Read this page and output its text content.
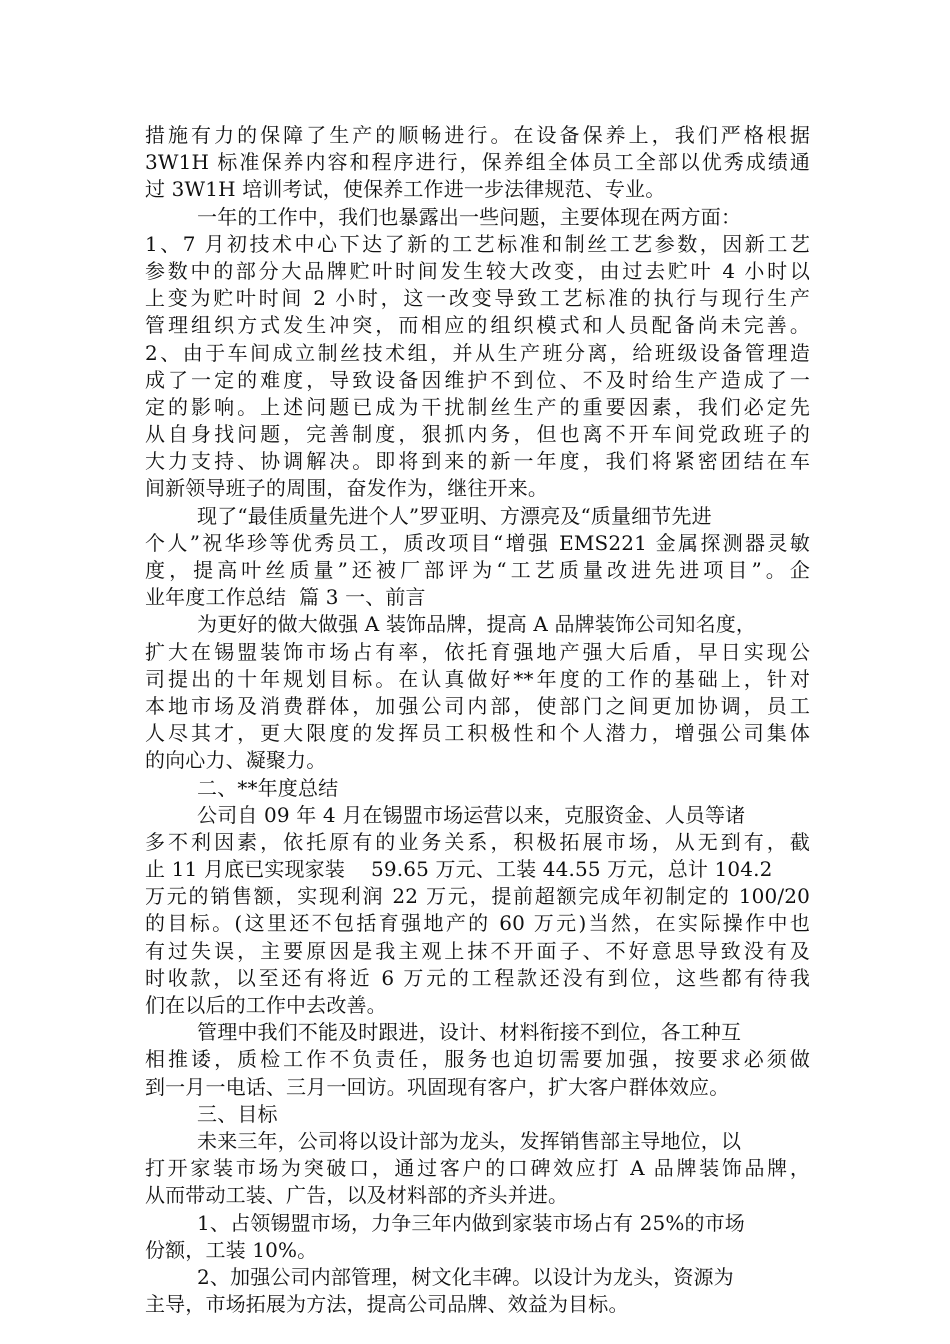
措施有力的保障了生产的顺畅进行。在设备保养上，我们严格根据
3W1H 标准保养内容和程序进行，保养组全体员工全部以优秀成绩通
过 3W1H 培训考试，使保养工作进一步法律规范、专业。
一年的工作中，我们也暴露出一些问题，主要体现在两方面：
1、7 月初技术中心下达了新的工艺标准和制丝工艺参数，因新工艺
参数中的部分大品牌贮叶时间发生较大改变，由过去贮叶 4 小时以
上变为贮叶时间 2 小时，这一改变导致工艺标准的执行与现行生产
管理组织方式发生冲突，而相应的组织模式和人员配备尚未完善。
2、由于车间成立制丝技术组，并从生产班分离，给班级设备管理造
成了一定的难度，导致设备因维护不到位、不及时给生产造成了一
定的影响。上述问题已成为干扰制丝生产的重要因素，我们必定先
从自身找问题，完善制度，狠抓内务，但也离不开车间党政班子的
大力支持、协调解决。即将到来的新一年度，我们将紧密团结在车
间新领导班子的周围，奋发作为，继往开来。
现了“最佳质量先进个人”罗亚明、方漂亮及“质量细节先进
个人”祝华珍等优秀员工，质改项目“增强 EMS221 金属探测器灵敏
度，提高叶丝质量”还被厂部评为“工艺质量改进先进项目”。企
业年度工作总结  篇 3 一、前言
为更好的做大做强 A 装饰品牌，提高 A 品牌装饰公司知名度，
扩大在锡盟装饰市场占有率，依托育强地产强大后盾，早日实现公
司提出的十年规划目标。在认真做好**年度的工作的基础上，针对
本地市场及消费群体，加强公司内部，使部门之间更加协调，员工
人尽其才，更大限度的发挥员工积极性和个人潜力，增强公司集体
的向心力、凝聚力。
二、**年度总结
公司自 09 年 4 月在锡盟市场运营以来，克服资金、人员等诸
多不利因素，依托原有的业务关系，积极拓展市场，从无到有，截
止 11 月底已实现家装    59.65 万元、工装 44.55 万元，总计 104.2
万元的销售额，实现利润 22 万元，提前超额完成年初制定的 100/20
的目标。(这里还不包括育强地产的 60 万元)当然，在实际操作中也
有过失误，主要原因是我主观上抹不开面子、不好意思导致没有及
时收款，以至还有将近 6 万元的工程款还没有到位，这些都有待我
们在以后的工作中去改善。
管理中我们不能及时跟进，设计、材料衔接不到位，各工种互
相推诿，质检工作不负责任，服务也迫切需要加强，按要求必须做
到一月一电话、三月一回访。巩固现有客户，扩大客户群体效应。
三、目标
未来三年，公司将以设计部为龙头，发挥销售部主导地位，以
打开家装市场为突破口，通过客户的口碑效应打 A 品牌装饰品牌，
从而带动工装、广告，以及材料部的齐头并进。
1、占领锡盟市场，力争三年内做到家装市场占有 25%的市场
份额，工装 10%。
2、加强公司内部管理，树文化丰碑。以设计为龙头，资源为
主导，市场拓展为方法，提高公司品牌、效益为目标。
